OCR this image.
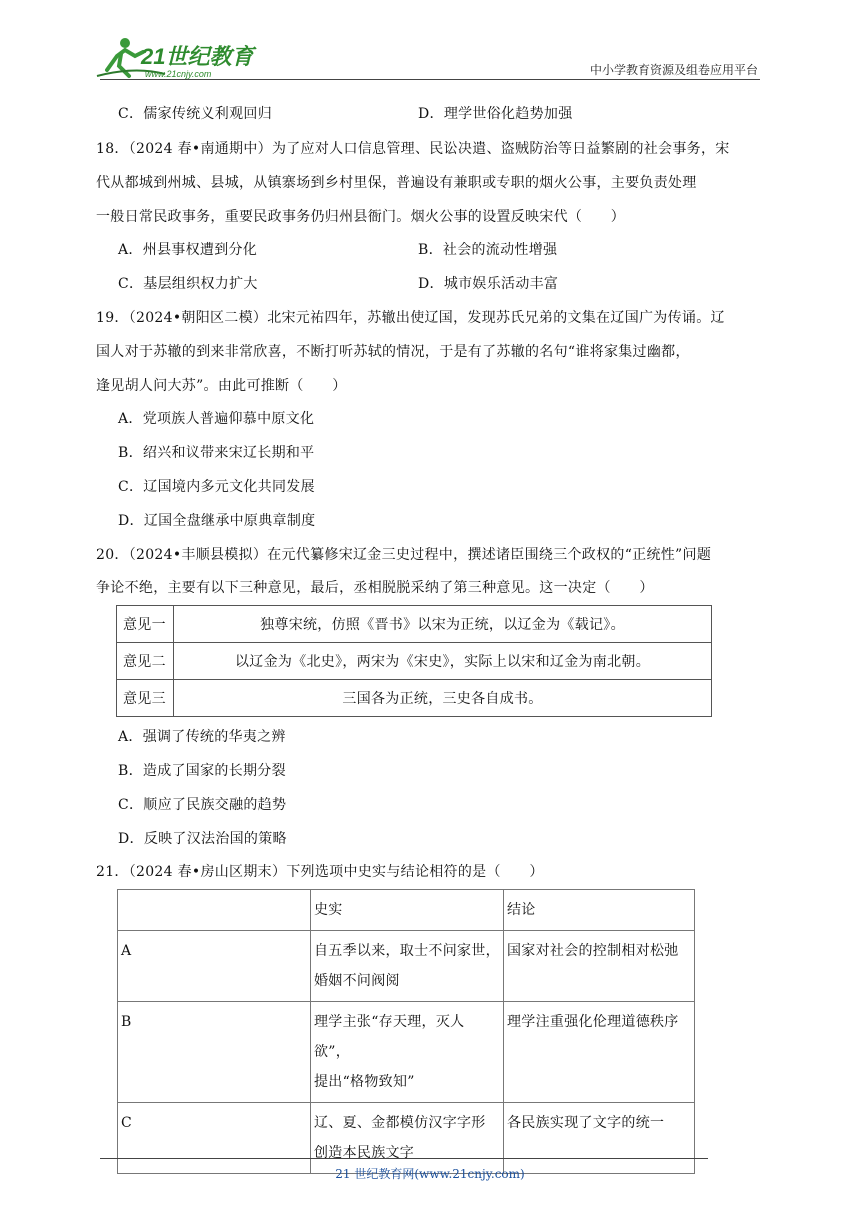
21世纪教育
www.21cnjy.com	中小学教育资源及组卷应用平台
C．儒家传统义利观回归	D．理学世俗化趋势加强
18．（2024 春•南通期中）为了应对人口信息管理、民讼决遣、盗贼防治等日益繁剧的社会事务，宋
代从都城到州城、县城，从镇寨场到乡村里保，普遍设有兼职或专职的烟火公事，主要负责处理
一般日常民政事务，重要民政事务仍归州县衙门。烟火公事的设置反映宋代（　　）
A．州县事权遭到分化	B．社会的流动性增强
C．基层组织权力扩大	D．城市娱乐活动丰富
19．（2024•朝阳区二模）北宋元祐四年，苏辙出使辽国，发现苏氏兄弟的文集在辽国广为传诵。辽
国人对于苏辙的到来非常欣喜，不断打听苏轼的情况，于是有了苏辙的名句“谁将家集过幽都，
逢见胡人问大苏”。由此可推断（　　）
A．党项族人普遍仰慕中原文化
B．绍兴和议带来宋辽长期和平
C．辽国境内多元文化共同发展
D．辽国全盘继承中原典章制度
20．（2024•丰顺县模拟）在元代纂修宋辽金三史过程中，撰述诸臣围绕三个政权的“正统性”问题
争论不绝，主要有以下三种意见，最后，丞相脱脱采纳了第三种意见。这一决定（　　）
意见一	独尊宋统，仿照《晋书》以宋为正统，以辽金为《载记》。
意见二	以辽金为《北史》，两宋为《宋史》，实际上以宋和辽金为南北朝。
意见三	三国各为正统，三史各自成书。
A．强调了传统的华夷之辨
B．造成了国家的长期分裂
C．顺应了民族交融的趋势
D．反映了汉法治国的策略
21．（2024 春•房山区期末）下列选项中史实与结论相符的是（　　）
	史实	结论
A	自五季以来，取士不问家世，
婚姻不问阀阅	国家对社会的控制相对松弛
B	理学主张“存天理，灭人欲”，
提出“格物致知”	理学注重强化伦理道德秩序
C	辽、夏、金都模仿汉字字形
创造本民族文字	各民族实现了文字的统一
21 世纪教育网(www.21cnjy.com)
